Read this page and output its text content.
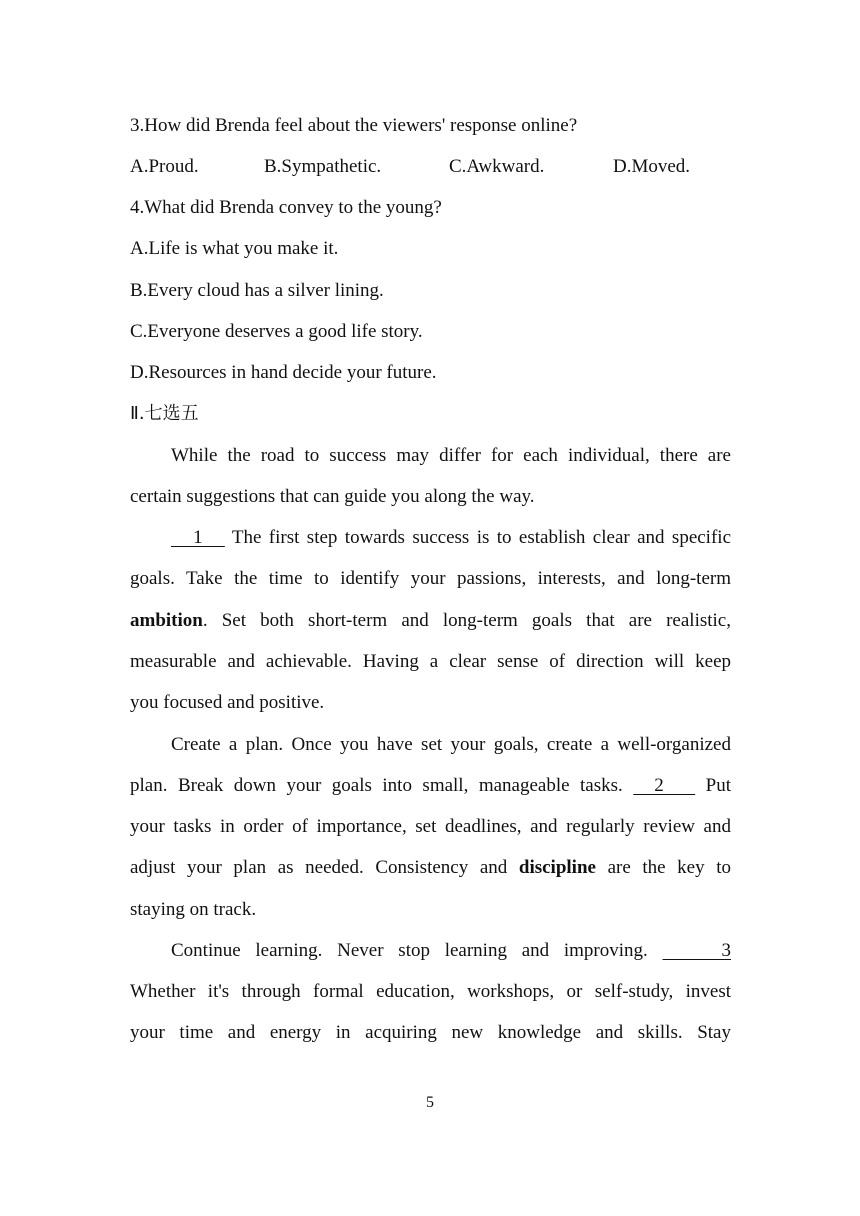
3.How did Brenda feel about the viewers' response online?
A.Proud.	B.Sympathetic.	C.Awkward.	D.Moved.
4.What did Brenda convey to the young?
A.Life is what you make it.
B.Every cloud has a silver lining.
C.Everyone deserves a good life story.
D.Resources in hand decide your future.
Ⅱ.七选五
While the road to success may differ for each individual, there are
certain suggestions that can guide you along the way.
1    The first step towards success is to establish clear and specific
goals. Take the time to identify your passions, interests, and long-term
ambition. Set both short-term and long-term goals that are realistic,
measurable and achievable. Having a clear sense of direction will keep
you focused and positive.
Create a plan. Once you have set your goals, create a well-organized
plan. Break down your goals into small, manageable tasks.   2    Put
your tasks in order of importance, set deadlines, and regularly review and
adjust your plan as needed. Consistency and discipline are the key to
staying on track.
Continue learning. Never stop learning and improving.     3
Whether it's through formal education, workshops, or self-study, invest
your time and energy in acquiring new knowledge and skills. Stay
5
